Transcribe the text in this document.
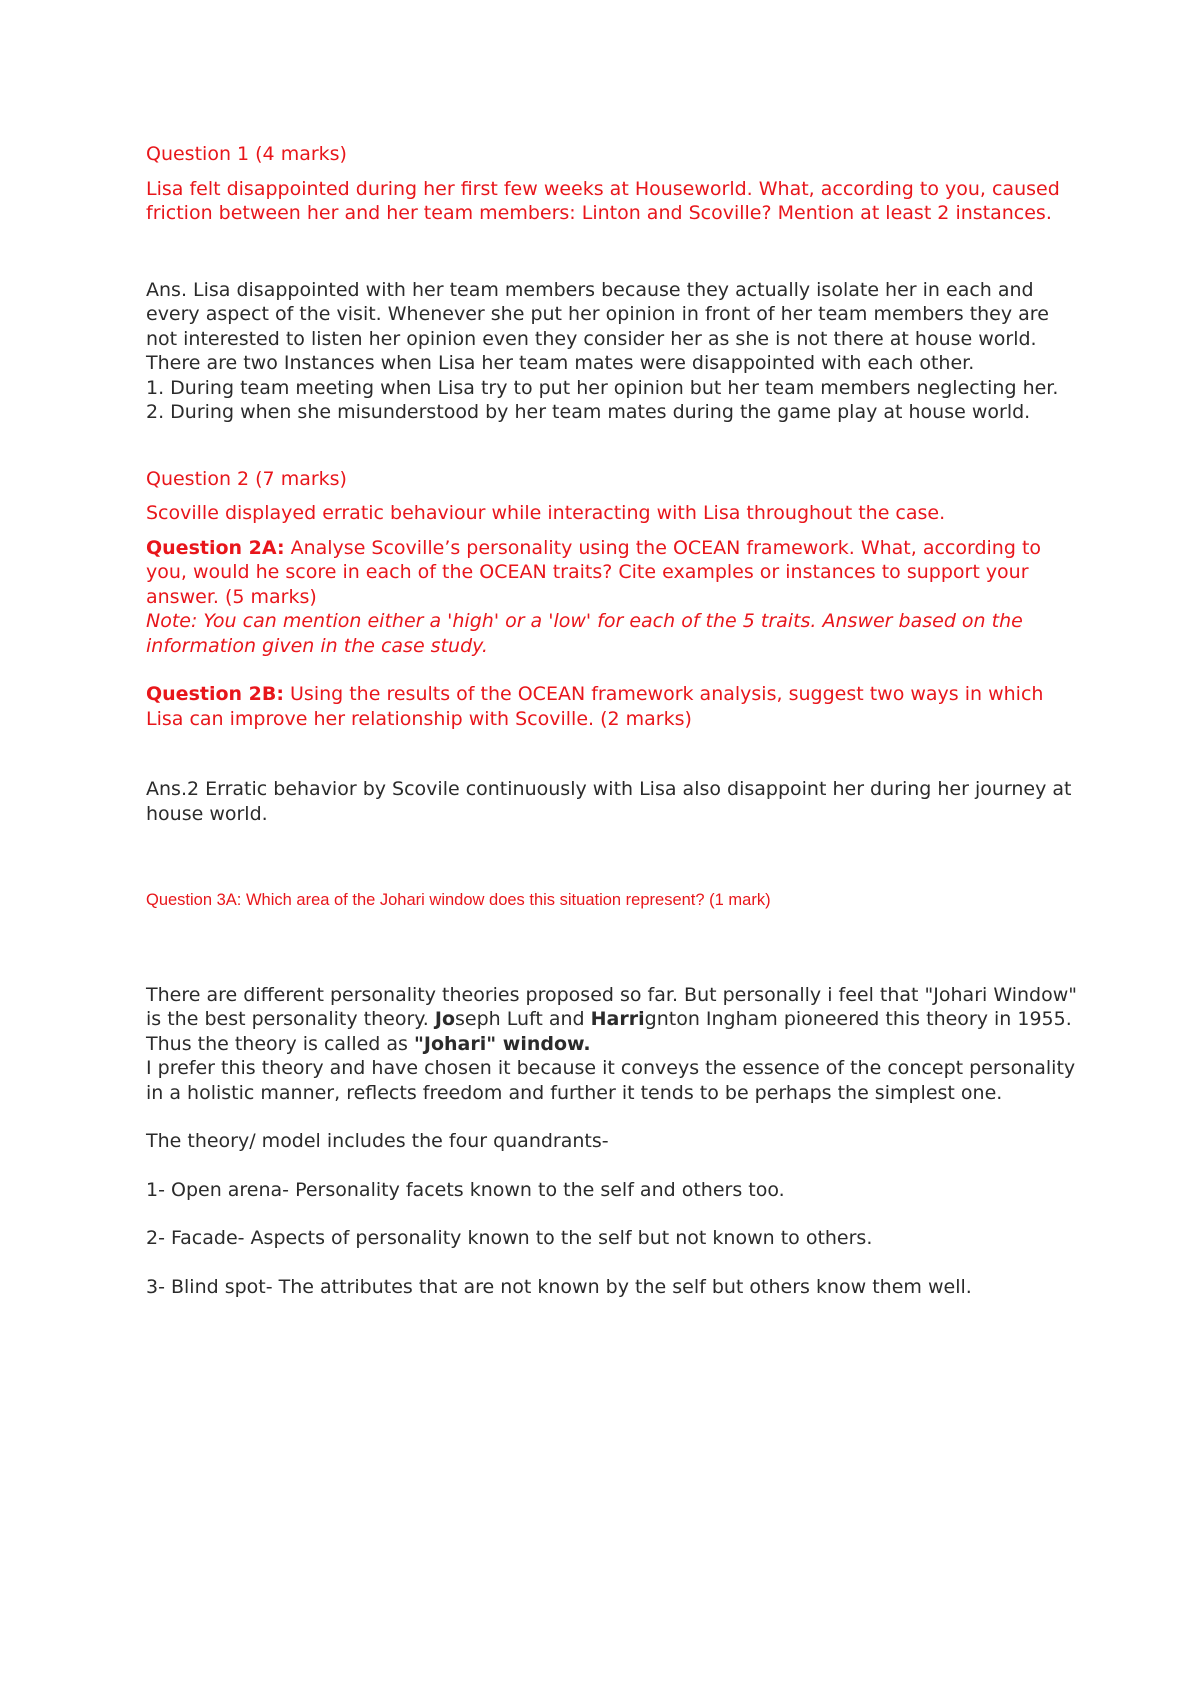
Question 1 (4 marks)

Lisa felt disappointed during her first few weeks at Houseworld. What, according to you, caused friction between her and her team members: Linton and Scoville? Mention at least 2 instances.

Ans. Lisa disappointed with her team members because they actually isolate her in each and every aspect of the visit. Whenever she put her opinion in front of her team members they are not interested to listen her opinion even they consider her as she is not there at house world.

There are two Instances when Lisa her team mates were disappointed with each other.

1. During team meeting when Lisa try to put her opinion but her team members neglecting her.

2. During when she misunderstood by her team mates during the game play at house world.

Question 2 (7 marks)

Scoville displayed erratic behaviour while interacting with Lisa throughout the case.

Question 2A: Analyse Scoville’s personality using the OCEAN framework. What, according to you, would he score in each of the OCEAN traits? Cite examples or instances to support your answer. (5 marks)

Note: You can mention either a 'high' or a 'low' for each of the 5 traits. Answer based on the information given in the case study.

Question 2B: Using the results of the OCEAN framework analysis, suggest two ways in which Lisa can improve her relationship with Scoville. (2 marks)

Ans.2 Erratic behavior by Scovile continuously with Lisa also disappoint her during her journey at house world.

Question 3A: Which area of the Johari window does this situation represent? (1 mark)

There are different personality theories proposed so far. But personally i feel that "Johari Window" is the best personality theory. Joseph Luft and Harrignton Ingham pioneered this theory in 1955. Thus the theory is called as "Johari" window.

I prefer this theory and have chosen it because it conveys the essence of the concept personality in a holistic manner, reflects freedom and further it tends to be perhaps the simplest one.

The theory/ model includes the four quandrants-

1- Open arena- Personality facets known to the self and others too.

2- Facade- Aspects of personality known to the self but not known to others.

3- Blind spot- The attributes that are not known by the self but others know them well.
